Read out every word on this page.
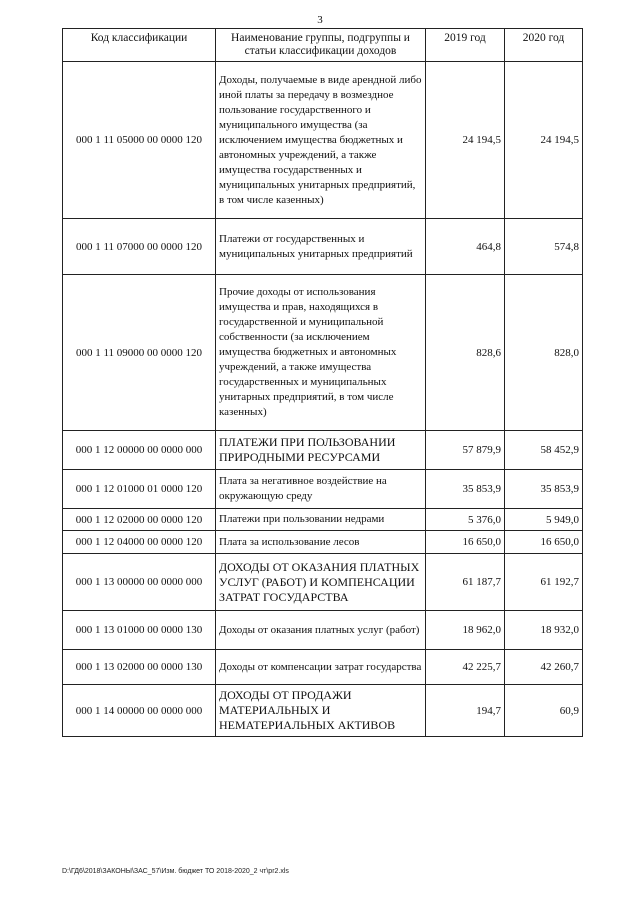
3
Код классификации	Наименование группы, подгруппы и статьи классификации доходов	2019 год	2020 год
000 1 11 05000 00 0000 120	Доходы, получаемые в виде арендной либо иной платы за передачу в возмездное пользование государственного и муниципального имущества (за исключением имущества бюджетных и автономных учреждений, а также имущества государственных и муниципальных унитарных предприятий, в том числе казенных)	24 194,5	24 194,5
000 1 11 07000 00 0000 120	Платежи от государственных и муниципальных унитарных предприятий	464,8	574,8
000 1 11 09000 00 0000 120	Прочие доходы от использования имущества и прав, находящихся в государственной и муниципальной собственности (за исключением имущества бюджетных и автономных учреждений, а также имущества государственных и муниципальных унитарных предприятий, в том числе казенных)	828,6	828,0
000 1 12 00000 00 0000 000	ПЛАТЕЖИ ПРИ ПОЛЬЗОВАНИИ ПРИРОДНЫМИ РЕСУРСАМИ	57 879,9	58 452,9
000 1 12 01000 01 0000 120	Плата за негативное воздействие на окружающую среду	35 853,9	35 853,9
000 1 12 02000 00 0000 120	Платежи при пользовании недрами	5 376,0	5 949,0
000 1 12 04000 00 0000 120	Плата за использование лесов	16 650,0	16 650,0
000 1 13 00000 00 0000 000	ДОХОДЫ ОТ ОКАЗАНИЯ ПЛАТНЫХ УСЛУГ (РАБОТ) И КОМПЕНСАЦИИ ЗАТРАТ ГОСУДАРСТВА	61 187,7	61 192,7
000 1 13 01000 00 0000 130	Доходы от оказания платных услуг (работ)	18 962,0	18 932,0
000 1 13 02000 00 0000 130	Доходы от компенсации затрат государства	42 225,7	42 260,7
000 1 14 00000 00 0000 000	ДОХОДЫ ОТ ПРОДАЖИ МАТЕРИАЛЬНЫХ И НЕМАТЕРИАЛЬНЫХ АКТИВОВ	194,7	60,9
D:\ГД6\2018\ЗАКОНЫ\ЗАС_57\Изм. бюджет ТО 2018-2020_2 чт\pr2.xls
